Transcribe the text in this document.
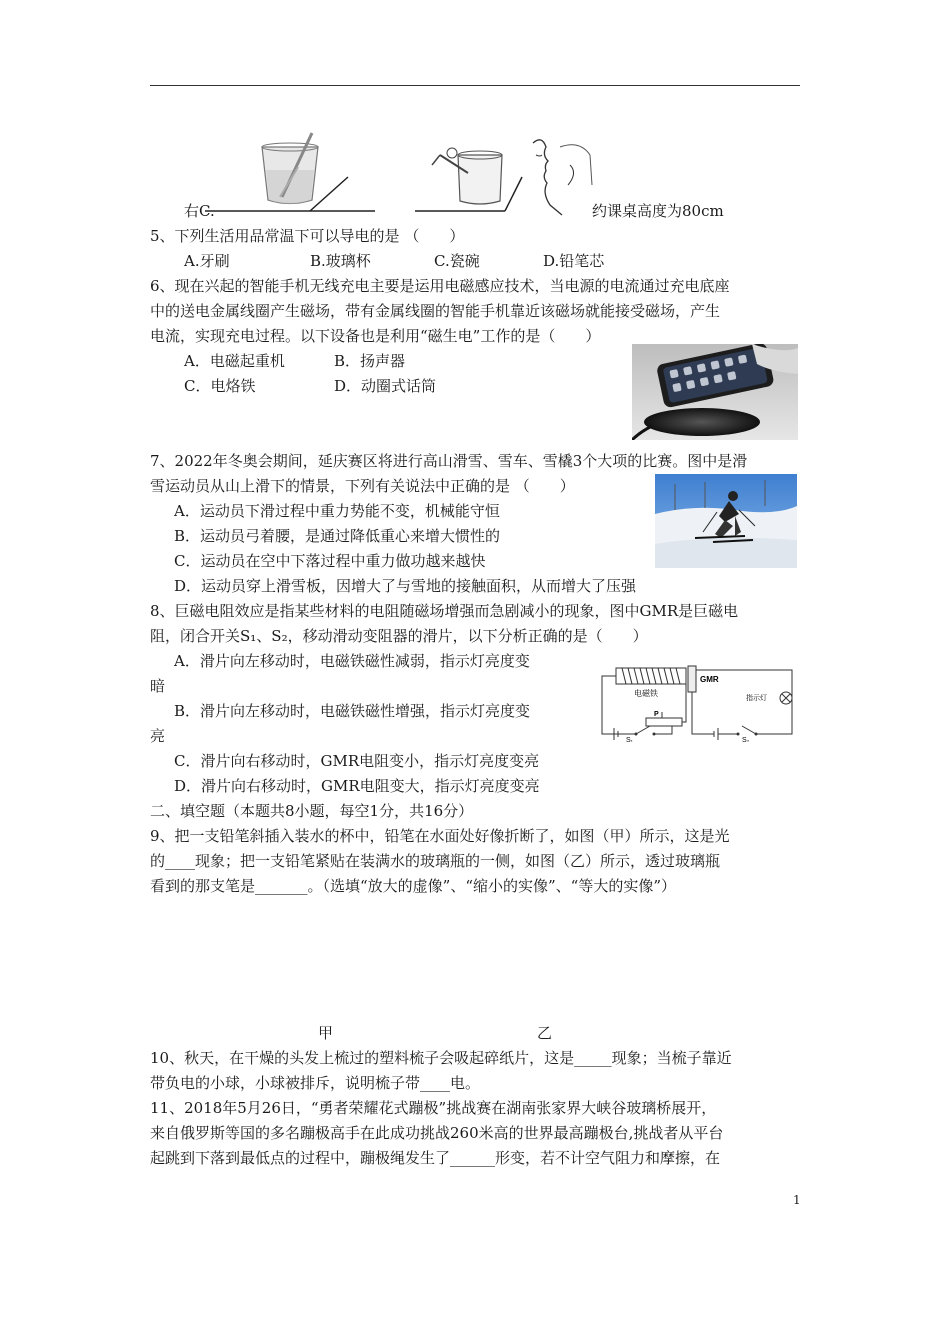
右C.	约课桌高度为80cm
5、下列生活用品常温下可以导电的是 （　　）
A.牙刷	B.玻璃杯	C.瓷碗	D.铅笔芯
6、现在兴起的智能手机无线充电主要是运用电磁感应技术，当电源的电流通过充电底座
中的送电金属线圈产生磁场，带有金属线圈的智能手机靠近该磁场就能接受磁场，产生
电流，实现充电过程。以下设备也是利用“磁生电”工作的是（　　）
A．电磁起重机	B．扬声器
C．电烙铁	D．动圈式话筒
7、2022年冬奥会期间，延庆赛区将进行高山滑雪、雪车、雪橇3个大项的比赛。图中是滑
雪运动员从山上滑下的情景，下列有关说法中正确的是 （　　）
A．运动员下滑过程中重力势能不变，机械能守恒
B．运动员弓着腰，是通过降低重心来增大惯性的
C．运动员在空中下落过程中重力做功越来越快
D．运动员穿上滑雪板，因增大了与雪地的接触面积，从而增大了压强
8、巨磁电阻效应是指某些材料的电阻随磁场增强而急剧减小的现象，图中GMR是巨磁电
阻，闭合开关S₁、S₂，移动滑动变阻器的滑片，以下分析正确的是（　　）
A．滑片向左移动时，电磁铁磁性减弱，指示灯亮度变
暗
B．滑片向左移动时，电磁铁磁性增强，指示灯亮度变
亮
C．滑片向右移动时，GMR电阻变小，指示灯亮度变亮
D．滑片向右移动时，GMR电阻变大，指示灯亮度变亮
电磁铁
GMR
S₁
P
指示灯
S₂
二、填空题（本题共8小题，每空1分，共16分）
9、把一支铅笔斜插入装水的杯中，铅笔在水面处好像折断了，如图（甲）所示，这是光
的____现象；把一支铅笔紧贴在装满水的玻璃瓶的一侧，如图（乙）所示，透过玻璃瓶
看到的那支笔是_______。（选填“放大的虚像”、“缩小的实像”、“等大的实像”）
甲	乙
10、秋天，在干燥的头发上梳过的塑料梳子会吸起碎纸片，这是_____现象；当梳子靠近
带负电的小球，小球被排斥，说明梳子带____电。
11、2018年5月26日，“勇者荣耀花式蹦极”挑战赛在湖南张家界大峡谷玻璃桥展开，
来自俄罗斯等国的多名蹦极高手在此成功挑战260米高的世界最高蹦极台,挑战者从平台
起跳到下落到最低点的过程中，蹦极绳发生了______形变，若不计空气阻力和摩擦，在
1
